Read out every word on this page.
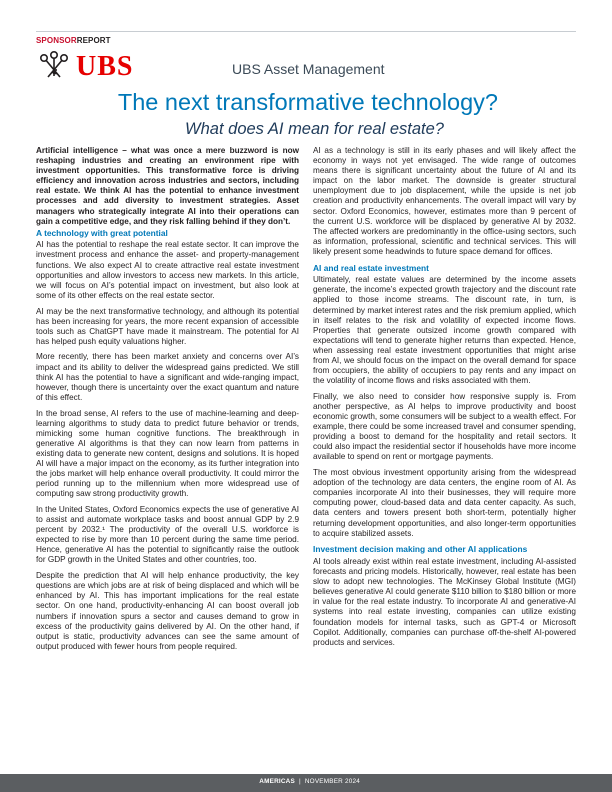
SPONSORREPORT
UBS	UBS Asset Management
The next transformative technology?
What does AI mean for real estate?

Artificial intelligence – what was once a mere buzzword is now reshaping industries and creating an environment ripe with investment opportunities. This transformative force is driving efficiency and innovation across industries and sectors, including real estate. We think AI has the potential to enhance investment processes and add diversity to investment strategies. Asset managers who strategically integrate AI into their operations can gain a competitive edge, and they risk falling behind if they don’t.

A technology with great potential

AI has the potential to reshape the real estate sector. It can improve the investment process and enhance the asset- and property-management functions. We also expect AI to create attractive real estate investment opportunities and allow investors to access new markets. In this article, we will focus on AI’s potential impact on investment, but also look at some of its other effects on the real estate sector.

AI may be the next transformative technology, and although its potential has been increasing for years, the more recent expansion of accessible tools such as ChatGPT have made it mainstream. The potential for AI has helped push equity valuations higher.

More recently, there has been market anxiety and concerns over AI’s impact and its ability to deliver the widespread gains predicted. We still think AI has the potential to have a significant and wide-ranging impact, however, though there is uncertainty over the exact quantum and nature of this effect.

In the broad sense, AI refers to the use of machine-learning and deep-learning algorithms to study data to predict future behavior or trends, mimicking some human cognitive functions. The breakthrough in generative AI algorithms is that they can now learn from patterns in existing data to generate new content, designs and solutions. It is hoped AI will have a major impact on the economy, as its further integration into the jobs market will help enhance overall productivity. It could mirror the period running up to the millennium when more widespread use of computing saw strong productivity growth.

In the United States, Oxford Economics expects the use of generative AI to assist and automate workplace tasks and boost annual GDP by 2.9 percent by 2032.¹ The productivity of the overall U.S. workforce is expected to rise by more than 10 percent during the same time period. Hence, generative AI has the potential to significantly raise the outlook for GDP growth in the United States and other countries, too.

Despite the prediction that AI will help enhance productivity, the key questions are which jobs are at risk of being displaced and which will be enhanced by AI. This has important implications for the real estate sector. On one hand, productivity-enhancing AI can boost overall job numbers if innovation spurs a sector and causes demand to grow in excess of the productivity gains delivered by AI. On the other hand, if output is static, productivity advances can see the same amount of output produced with fewer hours from people required.

AI as a technology is still in its early phases and will likely affect the economy in ways not yet envisaged. The wide range of outcomes means there is significant uncertainty about the future of AI and its impact on the labor market. The downside is greater structural unemployment due to job displacement, while the upside is net job creation and productivity enhancements. The overall impact will vary by sector. Oxford Economics, however, estimates more than 9 percent of the current U.S. workforce will be displaced by generative AI by 2032. The affected workers are predominantly in the office-using sectors, such as information, professional, scientific and technical services. This will likely present some headwinds to future space demand for offices.

AI and real estate investment

Ultimately, real estate values are determined by the income assets generate, the income’s expected growth trajectory and the discount rate applied to those income streams. The discount rate, in turn, is determined by market interest rates and the risk premium applied, which in itself relates to the risk and volatility of expected income flows. Properties that generate outsized income growth compared with expectations will tend to generate higher returns than expected. Hence, when assessing real estate investment opportunities that might arise from AI, we should focus on the impact on the overall demand for space from occupiers, the ability of occupiers to pay rents and any impact on the volatility of income flows and risks associated with them.

Finally, we also need to consider how responsive supply is. From another perspective, as AI helps to improve productivity and boost economic growth, some consumers will be subject to a wealth effect. For example, there could be some increased travel and consumer spending, providing a boost to demand for the hospitality and retail sectors. It could also impact the residential sector if households have more income available to spend on rent or mortgage payments.

The most obvious investment opportunity arising from the widespread adoption of the technology are data centers, the engine room of AI. As companies incorporate AI into their businesses, they will require more computing power, cloud-based data and data center capacity. As such, data centers and towers present both short-term, potentially higher returning development opportunities, and also longer-term opportunities to acquire stabilized assets.

Investment decision making and other AI applications

AI tools already exist within real estate investment, including AI-assisted forecasts and pricing models. Historically, however, real estate has been slow to adopt new technologies. The McKinsey Global Institute (MGI) believes generative AI could generate $110 billion to $180 billion or more in value for the real estate industry. To incorporate AI and generative-AI systems into real estate investing, companies can utilize existing foundation models for internal tasks, such as GPT-4 or Microsoft Copilot. Additionally, companies can purchase off-the-shelf AI-powered products and services.

AMERICAS | NOVEMBER 2024
